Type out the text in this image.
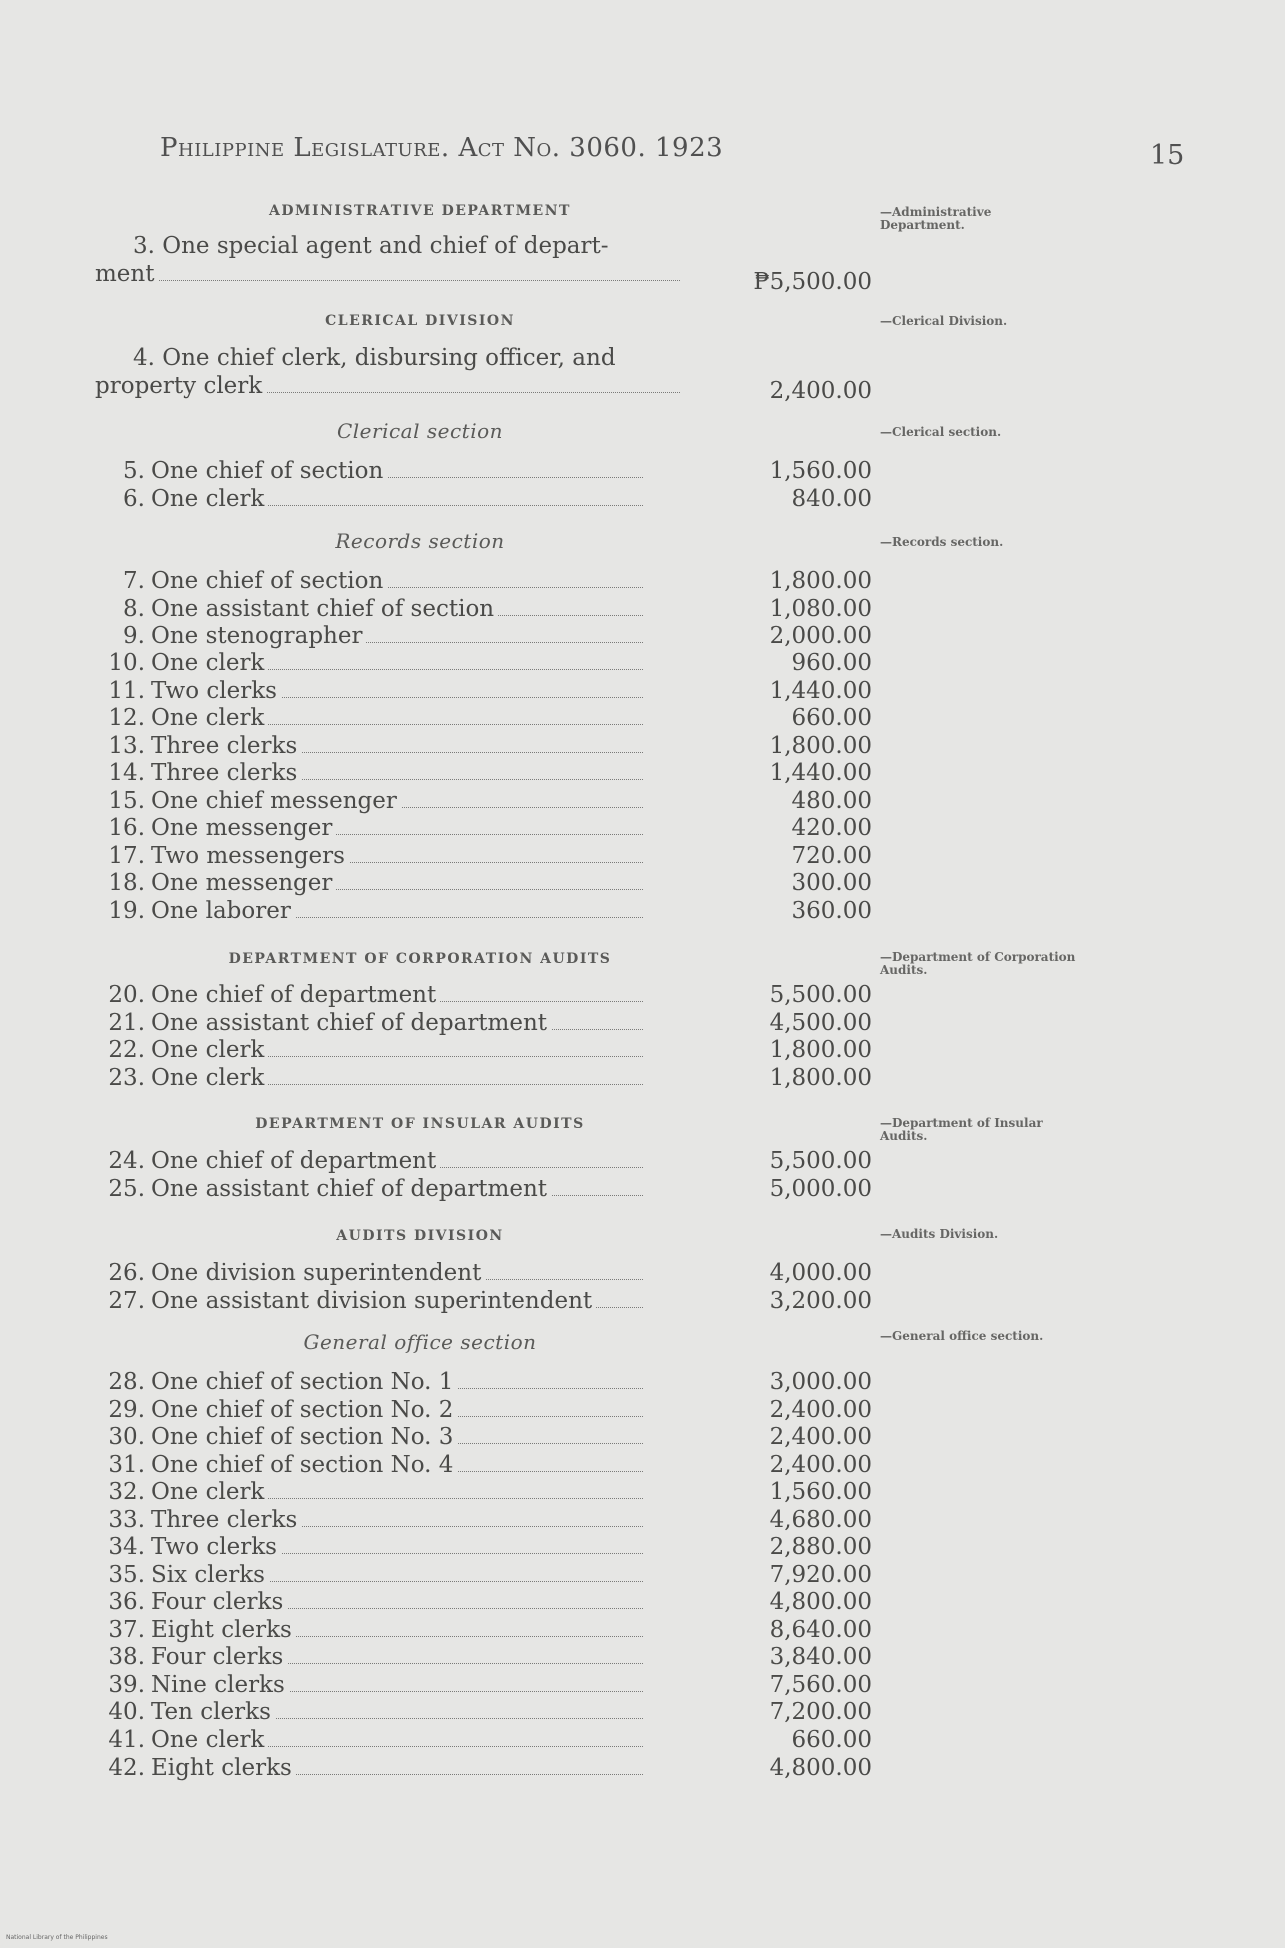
Philippine Legislature. Act No. 3060. 1923	15
ADMINISTRATIVE DEPARTMENT	—Administrative Department.
3. One special agent and chief of depart-
ment	₱5,500.00
CLERICAL DIVISION	—Clerical Division.
4. One chief clerk, disbursing officer, and
property clerk	2,400.00
Clerical section	—Clerical section.
Records section	—Records section.
DEPARTMENT OF CORPORATION AUDITS	—Department of Corporation Audits.
DEPARTMENT OF INSULAR AUDITS	—Department of Insular Audits.
AUDITS DIVISION	—Audits Division.
General office section	—General office section.
5. One chief of section	1,560.00
6. One clerk	840.00
7. One chief of section	1,800.00
8. One assistant chief of section	1,080.00
9. One stenographer	2,000.00
10. One clerk	960.00
11. Two clerks	1,440.00
12. One clerk	660.00
13. Three clerks	1,800.00
14. Three clerks	1,440.00
15. One chief messenger	480.00
16. One messenger	420.00
17. Two messengers	720.00
18. One messenger	300.00
19. One laborer	360.00
20. One chief of department	5,500.00
21. One assistant chief of department	4,500.00
22. One clerk	1,800.00
23. One clerk	1,800.00
24. One chief of department	5,500.00
25. One assistant chief of department	5,000.00
26. One division superintendent	4,000.00
27. One assistant division superintendent	3,200.00
28. One chief of section No. 1	3,000.00
29. One chief of section No. 2	2,400.00
30. One chief of section No. 3	2,400.00
31. One chief of section No. 4	2,400.00
32. One clerk	1,560.00
33. Three clerks	4,680.00
34. Two clerks	2,880.00
35. Six clerks	7,920.00
36. Four clerks	4,800.00
37. Eight clerks	8,640.00
38. Four clerks	3,840.00
39. Nine clerks	7,560.00
40. Ten clerks	7,200.00
41. One clerk	660.00
42. Eight clerks	4,800.00
National Library of the Philippines
